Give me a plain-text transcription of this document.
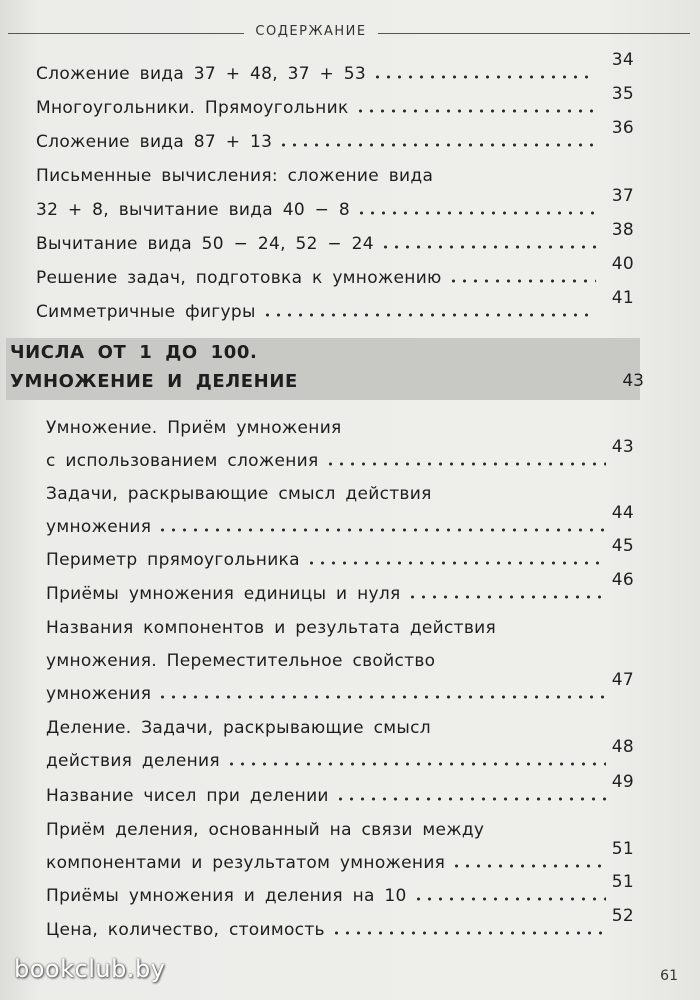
СОДЕРЖАНИЕ
Сложение вида 37 + 48, 37 + 53
34
Многоугольники. Прямоугольник
35
Сложение вида 87 + 13
36
Письменные вычисления: сложение вида
32 + 8, вычитание вида 40 − 8
37
Вычитание вида 50 − 24, 52 − 24
38
Решение задач, подготовка к умножению
40
Симметричные фигуры
41
ЧИСЛА ОТ 1 ДО 100.
УМНОЖЕНИЕ И ДЕЛЕНИЕ	43
Умножение. Приём умножения
с использованием сложения
43
Задачи, раскрывающие смысл действия
умножения
44
Периметр прямоугольника
45
Приёмы умножения единицы и нуля
46
Названия компонентов и результата действия
умножения. Переместительное свойство
умножения
47
Деление. Задачи, раскрывающие смысл
действия деления
48
Название чисел при делении
49
Приём деления, основанный на связи между
компонентами и результатом умножения
51
Приёмы умножения и деления на 10
51
Цена, количество, стоимость
52
61
bookclub.by
